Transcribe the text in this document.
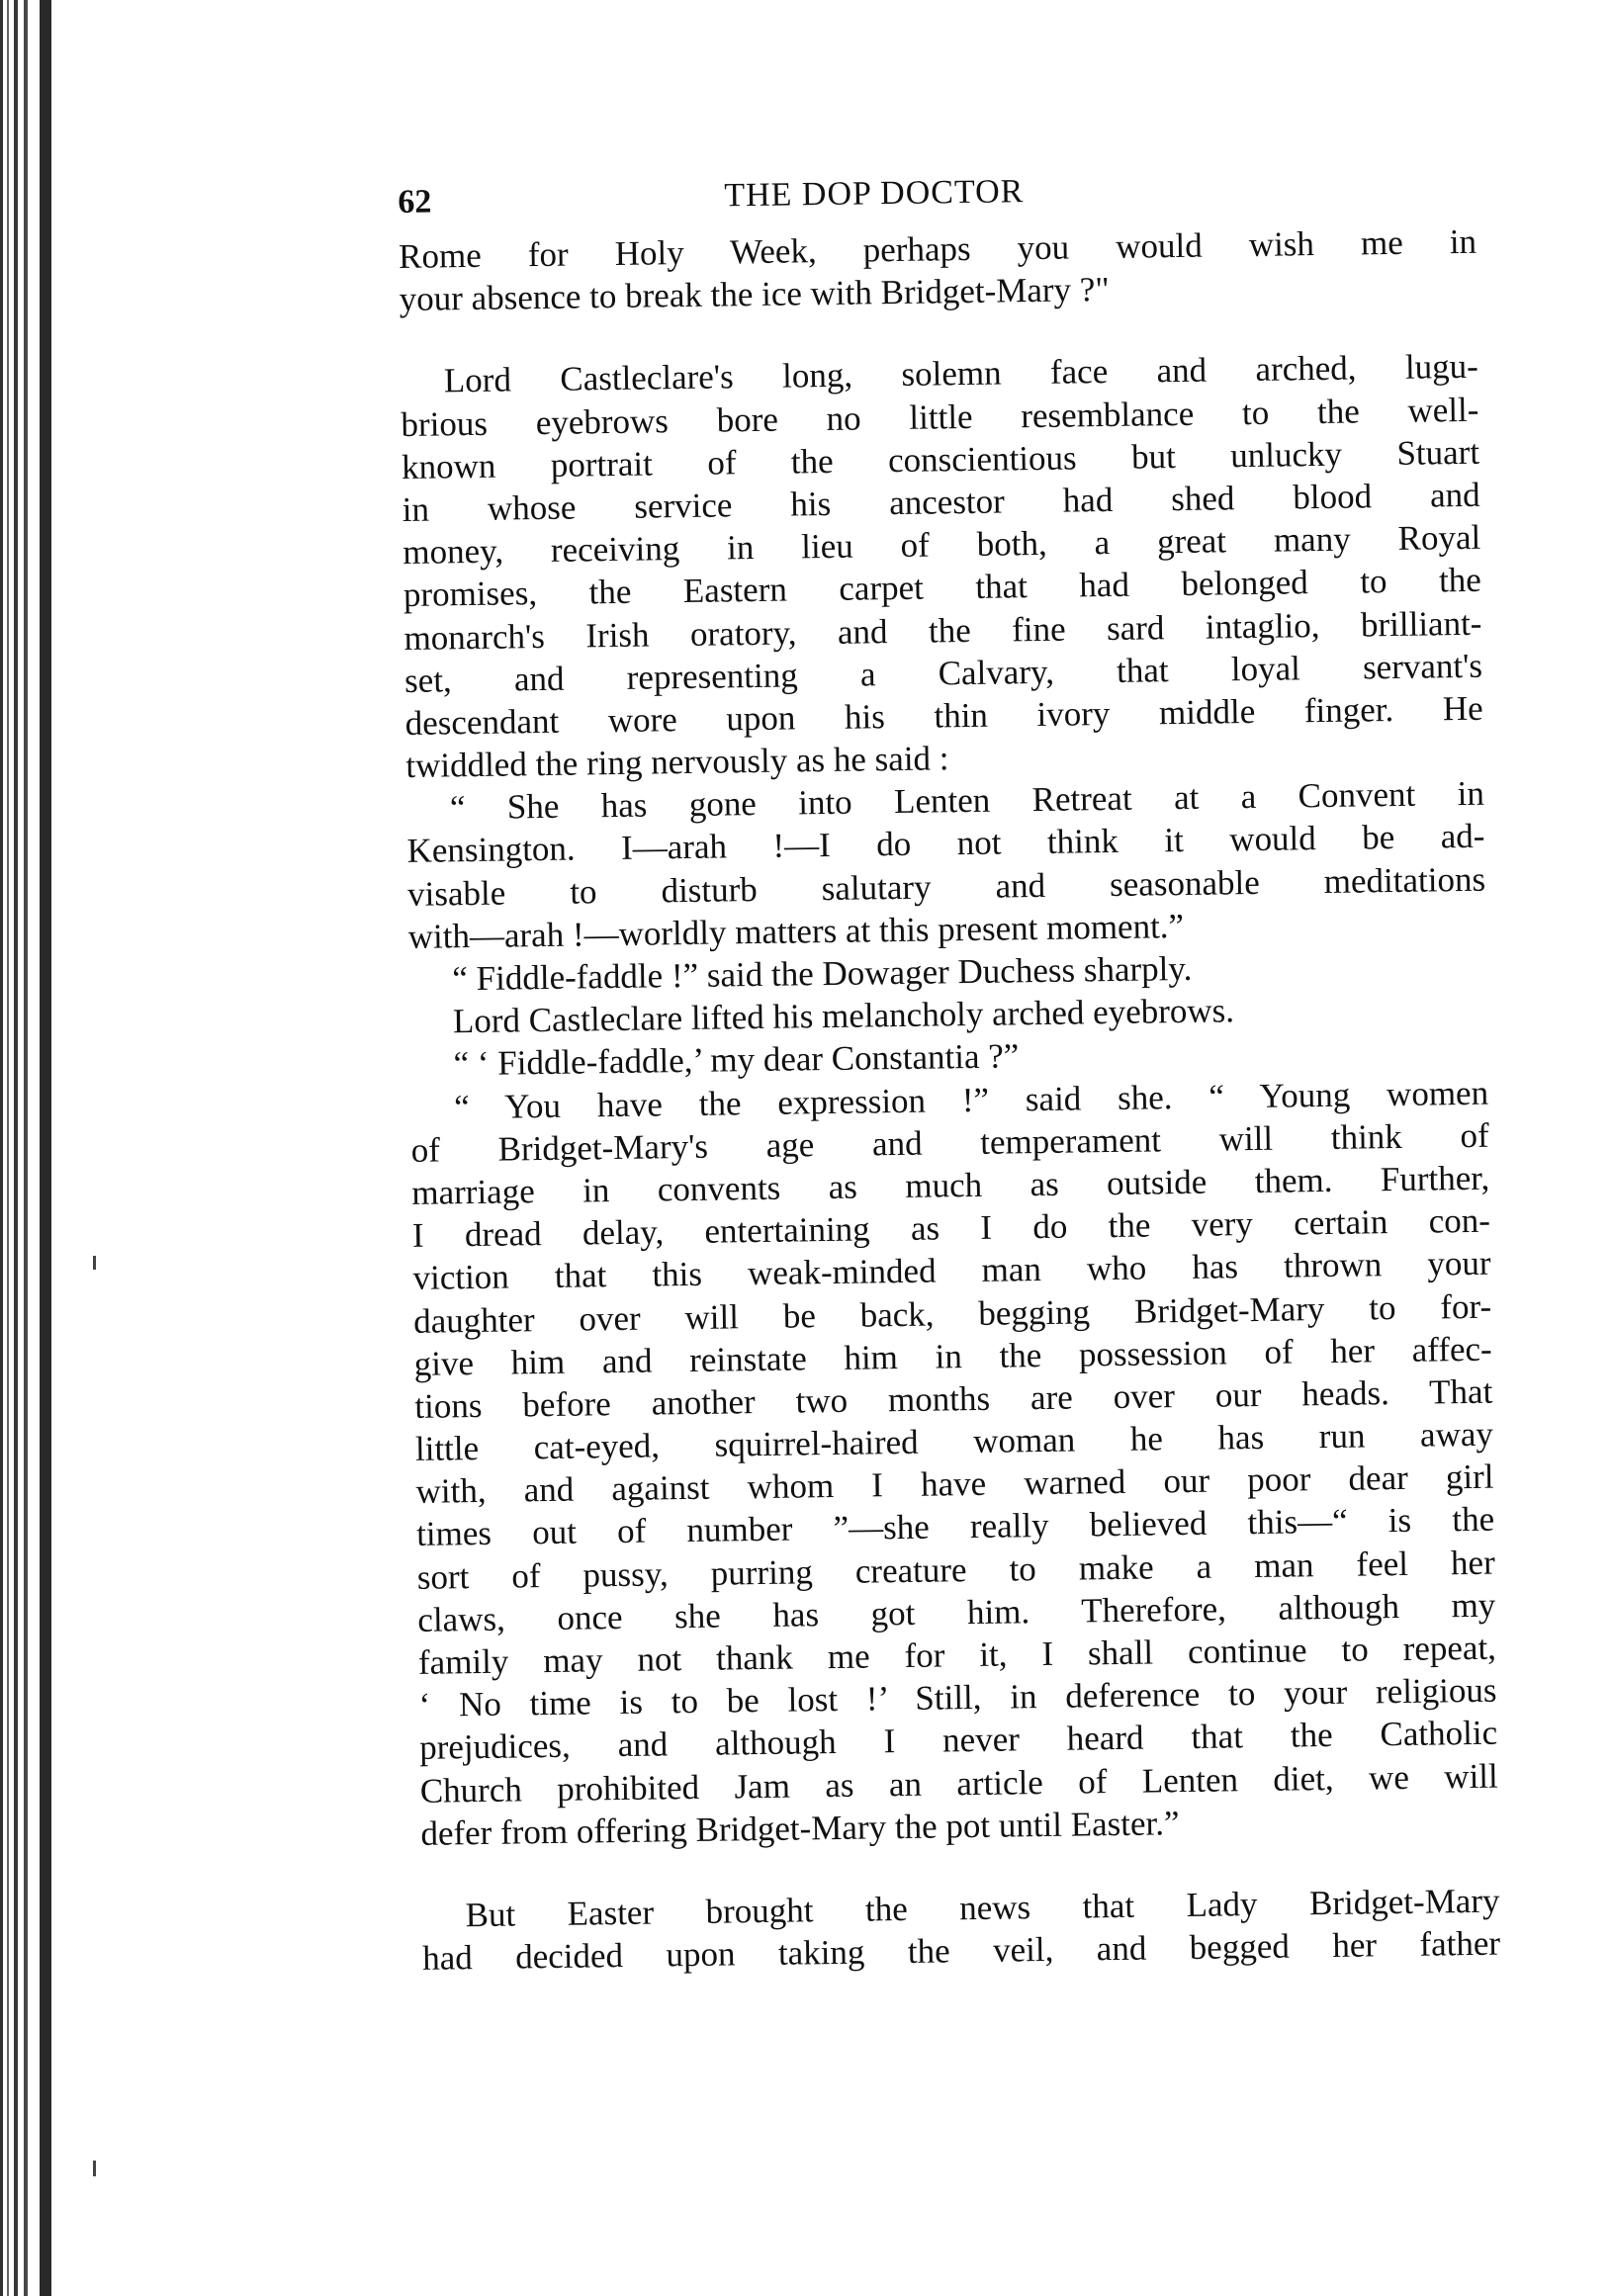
62	THE DOP DOCTOR
Rome for Holy Week, perhaps you would wish me in
your absence to break the ice with Bridget-Mary ?"
Lord Castleclare's long, solemn face and arched, lugu-
brious eyebrows bore no little resemblance to the well-
known portrait of the conscientious but unlucky Stuart
in whose service his ancestor had shed blood and
money, receiving in lieu of both, a great many Royal
promises, the Eastern carpet that had belonged to the
monarch's Irish oratory, and the fine sard intaglio, brilliant-
set, and representing a Calvary, that loyal servant's
descendant wore upon his thin ivory middle finger. He
twiddled the ring nervously as he said :
“ She has gone into Lenten Retreat at a Convent in
Kensington. I—arah !—I do not think it would be ad-
visable to disturb salutary and seasonable meditations
with—arah !—worldly matters at this present moment.”
“ Fiddle-faddle !” said the Dowager Duchess sharply.
Lord Castleclare lifted his melancholy arched eyebrows.
“ ‘ Fiddle-faddle,’ my dear Constantia ?”
“ You have the expression !” said she. “ Young women
of Bridget-Mary's age and temperament will think of
marriage in convents as much as outside them. Further,
I dread delay, entertaining as I do the very certain con-
viction that this weak-minded man who has thrown your
daughter over will be back, begging Bridget-Mary to for-
give him and reinstate him in the possession of her affec-
tions before another two months are over our heads. That
little cat-eyed, squirrel-haired woman he has run away
with, and against whom I have warned our poor dear girl
times out of number ”—she really believed this—“ is the
sort of pussy, purring creature to make a man feel her
claws, once she has got him. Therefore, although my
family may not thank me for it, I shall continue to repeat,
‘ No time is to be lost !’ Still, in deference to your religious
prejudices, and although I never heard that the Catholic
Church prohibited Jam as an article of Lenten diet, we will
defer from offering Bridget-Mary the pot until Easter.”
But Easter brought the news that Lady Bridget-Mary
had decided upon taking the veil, and begged her father
